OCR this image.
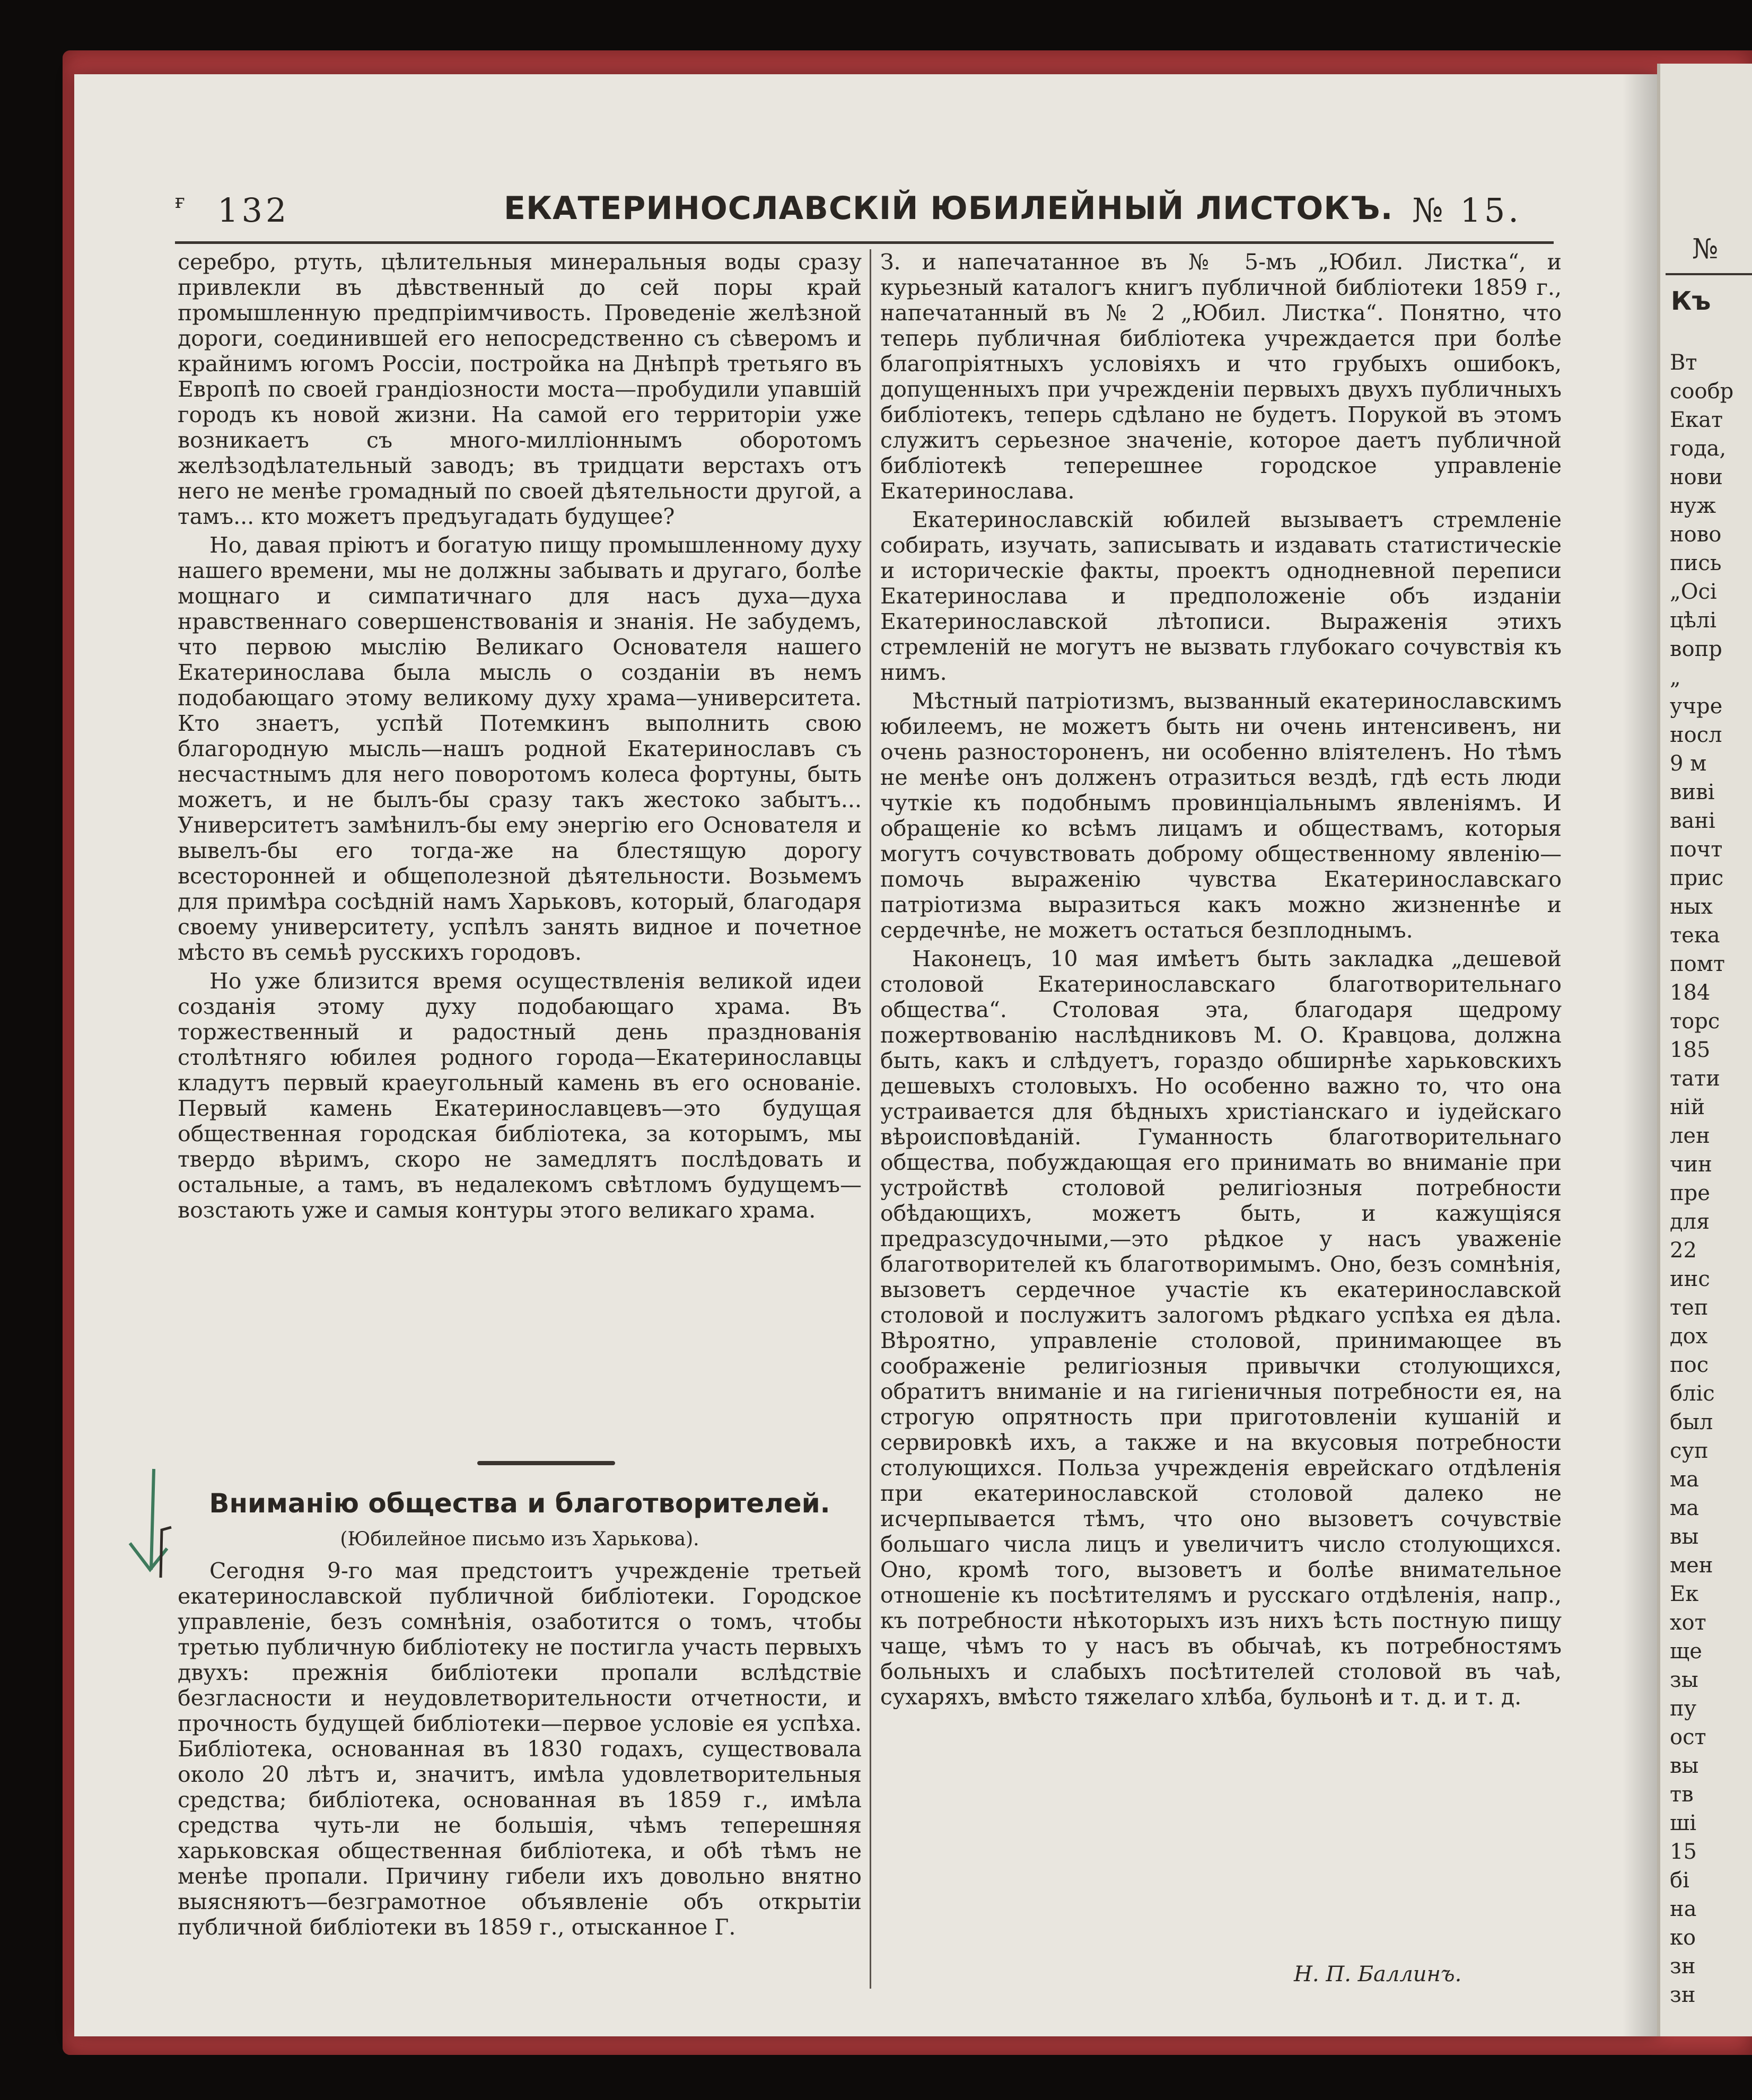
№
Къ
Вт
сообр
Екат
года,
нови
нуж
ново
пись
„Осі
цѣлі
вопр
„
учре
носл
9 м
виві
вані
почт
прис
ных
тека
помт
184
торс
185
тати
ній
лен
чин
пре
для
22
инс
теп
дох
пос
бліс
был
суп
ма
ма
вы
мен
Ек
хот
ще
зы
пу
ост
вы
тв
ші
15
бі
на
ко
зн
зн
ғ 132	ЕКАТЕРИНОСЛАВСКІЙ ЮБИЛЕЙНЫЙ ЛИСТОКЪ. № 15.

серебро, ртуть, цѣлительныя минеральныя воды сразу привлекли въ дѣвственный до сей поры край промышленную предпріимчивость. Проведеніе желѣзной дороги, соединившей его непосредственно съ сѣверомъ и крайнимъ югомъ Россіи, постройка на Днѣпрѣ третьяго въ Европѣ по своей грандіозности моста—пробудили упавшій городъ къ новой жизни. На самой его территоріи уже возникаетъ съ много-милліоннымъ оборотомъ желѣзодѣлательный заводъ; въ тридцати верстахъ отъ него не менѣе громадный по своей дѣятельности другой, а тамъ... кто можетъ предъугадать будущее?

Но, давая пріютъ и богатую пищу промышленному духу нашего времени, мы не должны забывать и другаго, болѣе мощнаго и симпатичнаго для насъ духа—духа нравственнаго совершенствованія и знанія. Не забудемъ, что первою мыслію Великаго Основателя нашего Екатеринослава была мысль о созданіи въ немъ подобающаго этому великому духу храма—университета. Кто знаетъ, успѣй Потемкинъ выполнить свою благородную мысль—нашъ родной Екатеринославъ съ несчастнымъ для него поворотомъ колеса фортуны, быть можетъ, и не былъ-бы сразу такъ жестоко забытъ... Университетъ замѣнилъ-бы ему энергію его Основателя и вывелъ-бы его тогда-же на блестящую дорогу всесторонней и общеполезной дѣятельности. Возьмемъ для примѣра сосѣдній намъ Харьковъ, который, благодаря своему университету, успѣлъ занять видное и почетное мѣсто въ семьѣ русскихъ городовъ.

Но уже близится время осуществленія великой идеи созданія этому духу подобающаго храма. Въ торжественный и радостный день празднованія столѣтняго юбилея родного города—Екатеринославцы кладутъ первый краеугольный камень въ его основаніе. Первый камень Екатеринославцевъ—это будущая общественная городская библіотека, за которымъ, мы твердо вѣримъ, скоро не замедлятъ послѣдовать и остальные, а тамъ, въ недалекомъ свѣтломъ будущемъ—возстають уже и самыя контуры этого великаго храма.

Вниманію общества и благотворителей.
(Юбилейное письмо изъ Харькова).

Сегодня 9-го мая предстоитъ учрежденіе третьей екатеринославской публичной библіотеки. Городское управленіе, безъ сомнѣнія, озаботится о томъ, чтобы третью публичную библіотеку не постигла участь первыхъ двухъ: прежнія библіотеки пропали вслѣдствіе безгласности и неудовлетворительности отчетности, и прочность будущей библіотеки—первое условіе ея успѣха. Библіотека, основанная въ 1830 годахъ, существовала около 20 лѣтъ и, значитъ, имѣла удовлетворительныя средства; библіотека, основанная въ 1859 г., имѣла средства чуть-ли не большія, чѣмъ теперешняя харьковская общественная библіотека, и обѣ тѣмъ не менѣе пропали. Причину гибели ихъ довольно внятно выясняютъ—безграмотное объявленіе объ открытіи публичной библіотеки въ 1859 г., отысканное Г.

З. и напечатанное въ № 5-мъ „Юбил. Листка“, и курьезный каталогъ книгъ публичной библіотеки 1859 г., напечатанный въ № 2 „Юбил. Листка“. Понятно, что теперь публичная библіотека учреждается при болѣе благопріятныхъ условіяхъ и что грубыхъ ошибокъ, допущенныхъ при учрежденіи первыхъ двухъ публичныхъ библіотекъ, теперь сдѣлано не будетъ. Порукой въ этомъ служитъ серьезное значеніе, которое даетъ публичной библіотекѣ теперешнее городское управленіе Екатеринослава.

Екатеринославскій юбилей вызываетъ стремленіе собирать, изучать, записывать и издавать статистическіе и историческіе факты, проектъ однодневной переписи Екатеринослава и предположеніе объ изданіи Екатеринославской лѣтописи. Выраженія этихъ стремленій не могутъ не вызвать глубокаго сочувствія къ нимъ.

Мѣстный патріотизмъ, вызванный екатеринославскимъ юбилеемъ, не можетъ быть ни очень интенсивенъ, ни очень разностороненъ, ни особенно вліятеленъ. Но тѣмъ не менѣе онъ долженъ отразиться вездѣ, гдѣ есть люди чуткіе къ подобнымъ провинціальнымъ явленіямъ. И обращеніе ко всѣмъ лицамъ и обществамъ, которыя могутъ сочувствовать доброму общественному явленію—помочь выраженію чувства Екатеринославскаго патріотизма выразиться какъ можно жизненнѣе и сердечнѣе, не можетъ остаться безплоднымъ.

Наконецъ, 10 мая имѣетъ быть закладка „дешевой столовой Екатеринославскаго благотворительнаго общества“. Столовая эта, благодаря щедрому пожертвованію наслѣдниковъ М. О. Кравцова, должна быть, какъ и слѣдуетъ, гораздо обширнѣе харьковскихъ дешевыхъ столовыхъ. Но особенно важно то, что она устраивается для бѣдныхъ христіанскаго и іудейскаго вѣроисповѣданій. Гуманность благотворительнаго общества, побуждающая его принимать во вниманіе при устройствѣ столовой религіозныя потребности обѣдающихъ, можетъ быть, и кажущіяся предразсудочными,—это рѣдкое у насъ уваженіе благотворителей къ благотворимымъ. Оно, безъ сомнѣнія, вызоветъ сердечное участіе къ екатеринославской столовой и послужитъ залогомъ рѣдкаго успѣха ея дѣла. Вѣроятно, управленіе столовой, принимающее въ соображеніе религіозныя привычки столующихся, обратитъ вниманіе и на гигіеничныя потребности ея, на строгую опрятность при приготовленіи кушаній и сервировкѣ ихъ, а также и на вкусовыя потребности столующихся. Польза учрежденія еврейскаго отдѣленія при екатеринославской столовой далеко не исчерпывается тѣмъ, что оно вызоветъ сочувствіе большаго числа лицъ и увеличитъ число столующихся. Оно, кромѣ того, вызоветъ и болѣе внимательное отношеніе къ посѣтителямъ и русскаго отдѣленія, напр., къ потребности нѣкоторыхъ изъ нихъ ѣсть постную пищу чаще, чѣмъ то у насъ въ обычаѣ, къ потребностямъ больныхъ и слабыхъ посѣтителей столовой въ чаѣ, сухаряхъ, вмѣсто тяжелаго хлѣба, бульонѣ и т. д. и т. д.

Н. П. Баллинъ.
